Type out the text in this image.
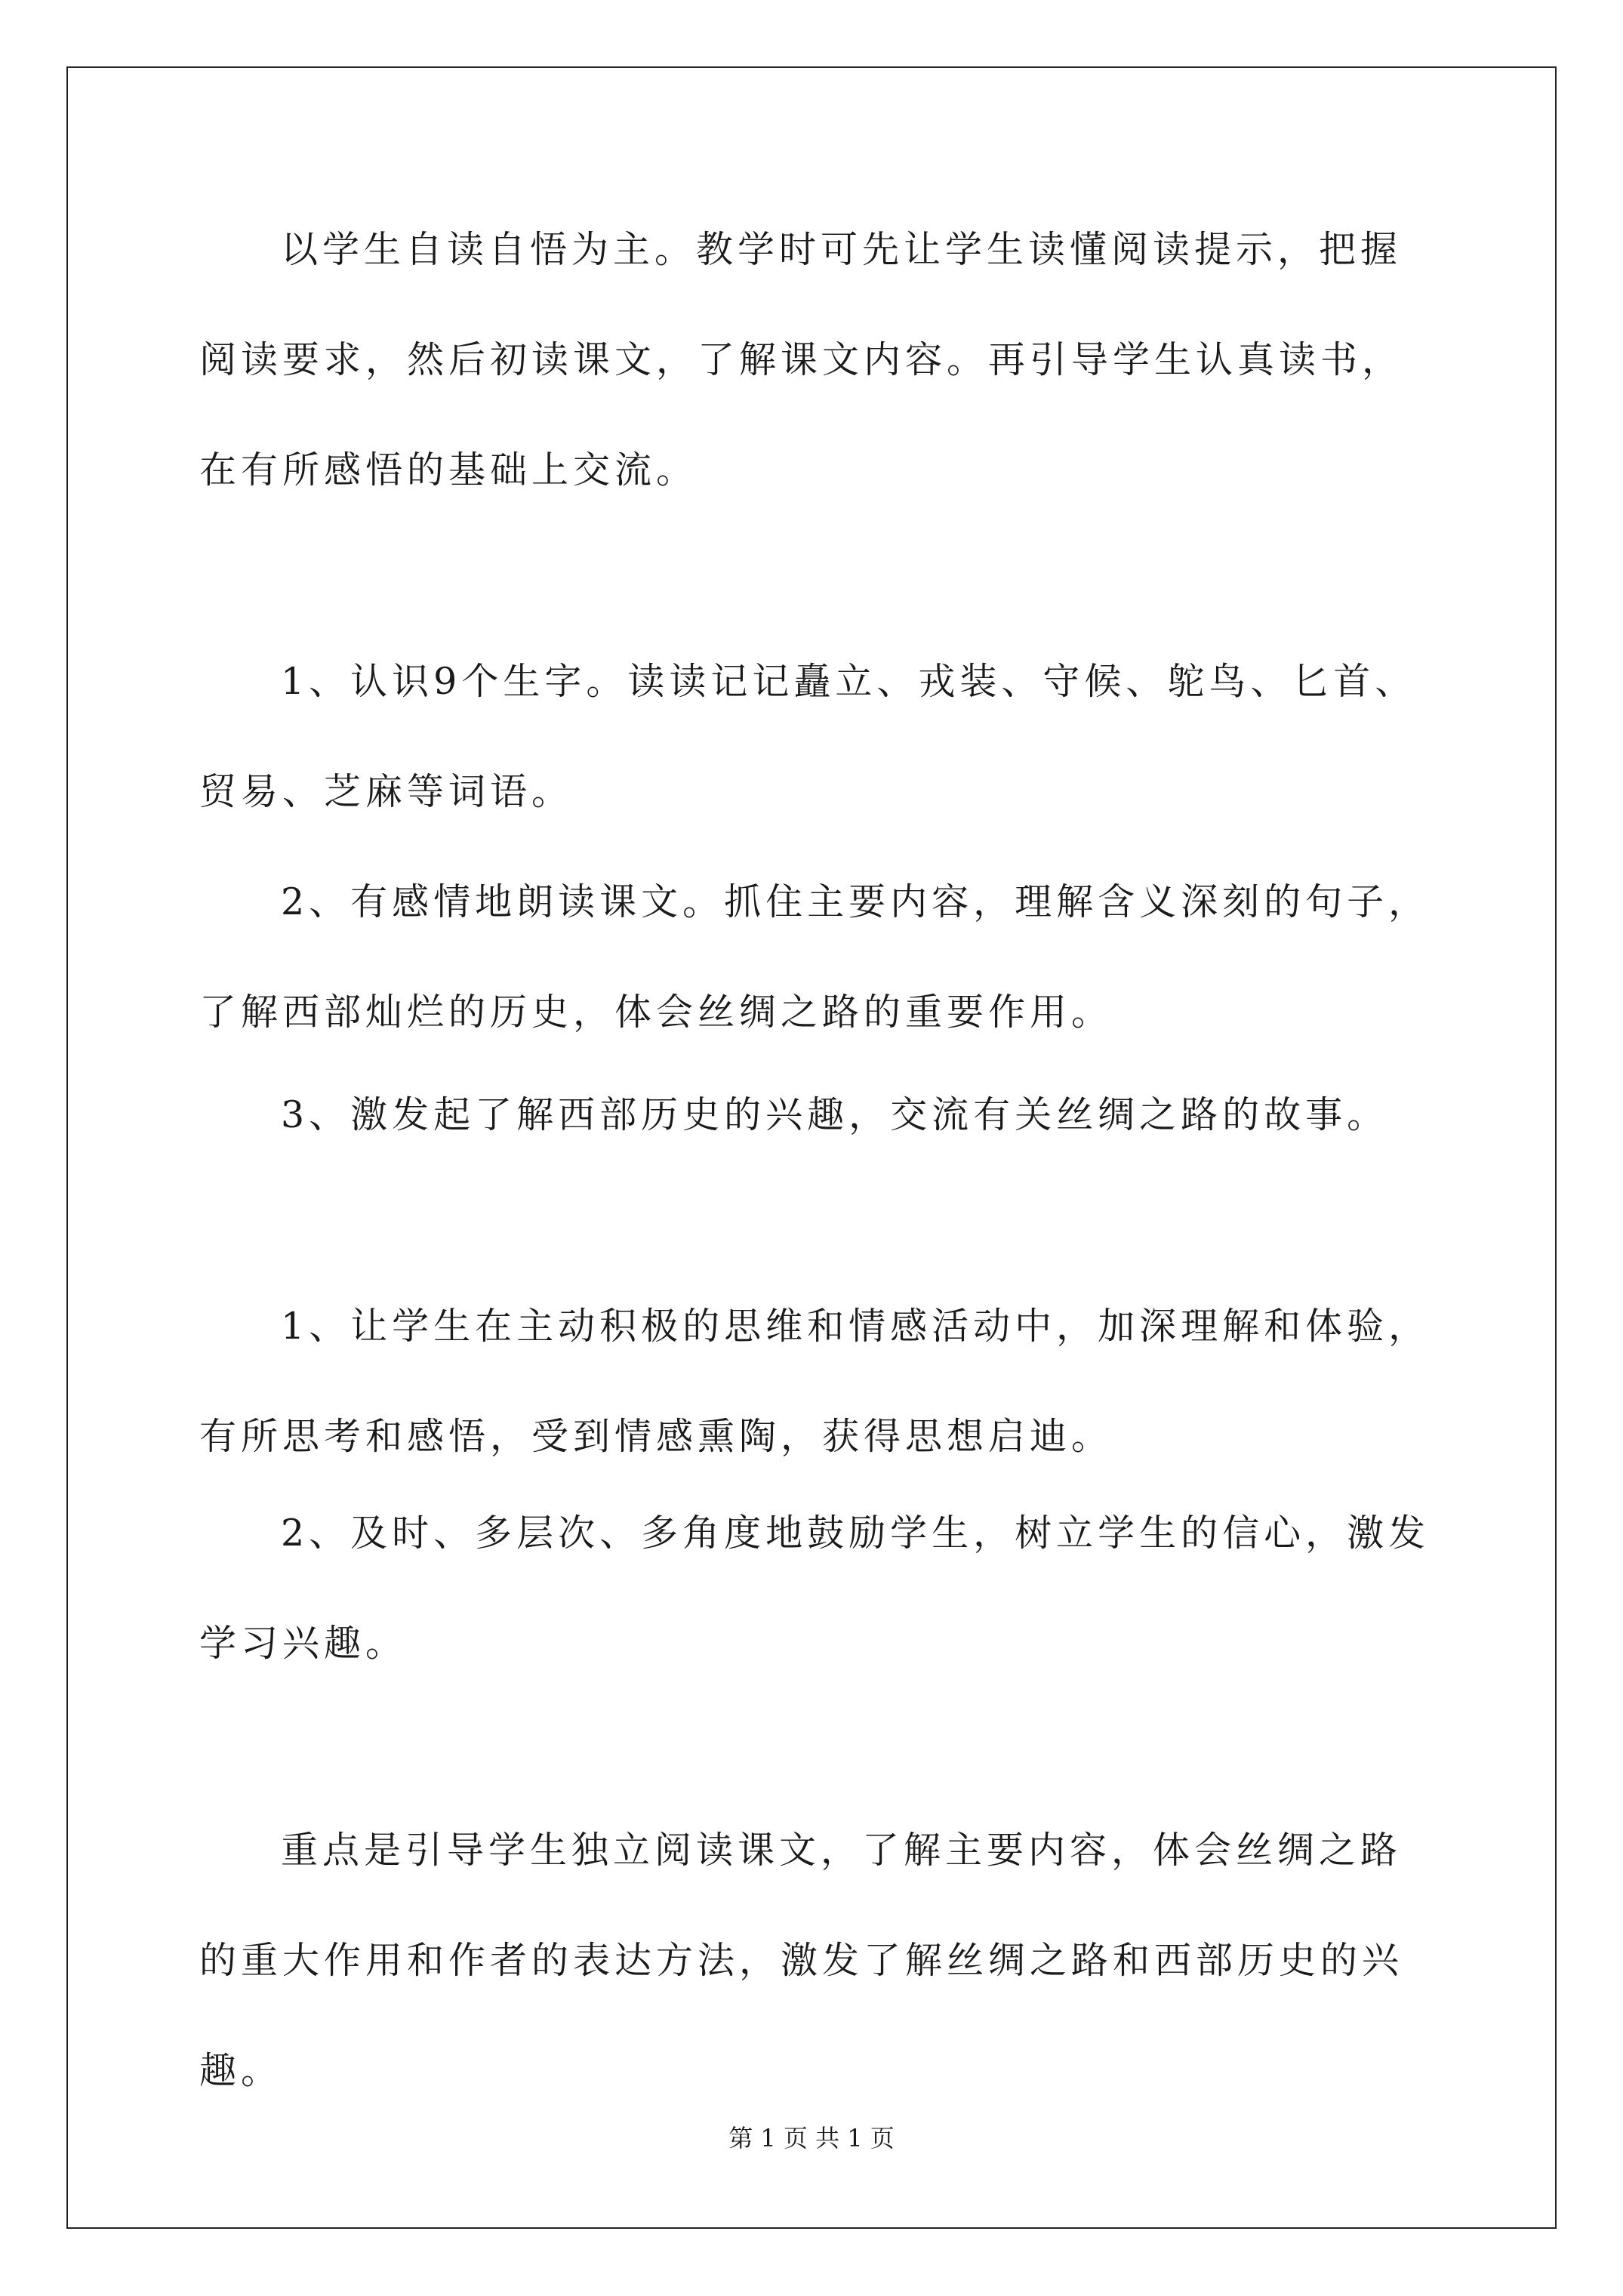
以学生自读自悟为主。教学时可先让学生读懂阅读提示，把握阅读要求，然后初读课文，了解课文内容。再引导学生认真读书，在有所感悟的基础上交流。

1、认识9个生字。读读记记矗立、戎装、守候、鸵鸟、匕首、贸易、芝麻等词语。

2、有感情地朗读课文。抓住主要内容，理解含义深刻的句子，了解西部灿烂的历史，体会丝绸之路的重要作用。

3、激发起了解西部历史的兴趣，交流有关丝绸之路的故事。

1、让学生在主动积极的思维和情感活动中，加深理解和体验，有所思考和感悟，受到情感熏陶，获得思想启迪。

2、及时、多层次、多角度地鼓励学生，树立学生的信心，激发学习兴趣。

重点是引导学生独立阅读课文，了解主要内容，体会丝绸之路的重大作用和作者的表达方法，激发了解丝绸之路和西部历史的兴趣。

第 1 页 共 1 页
